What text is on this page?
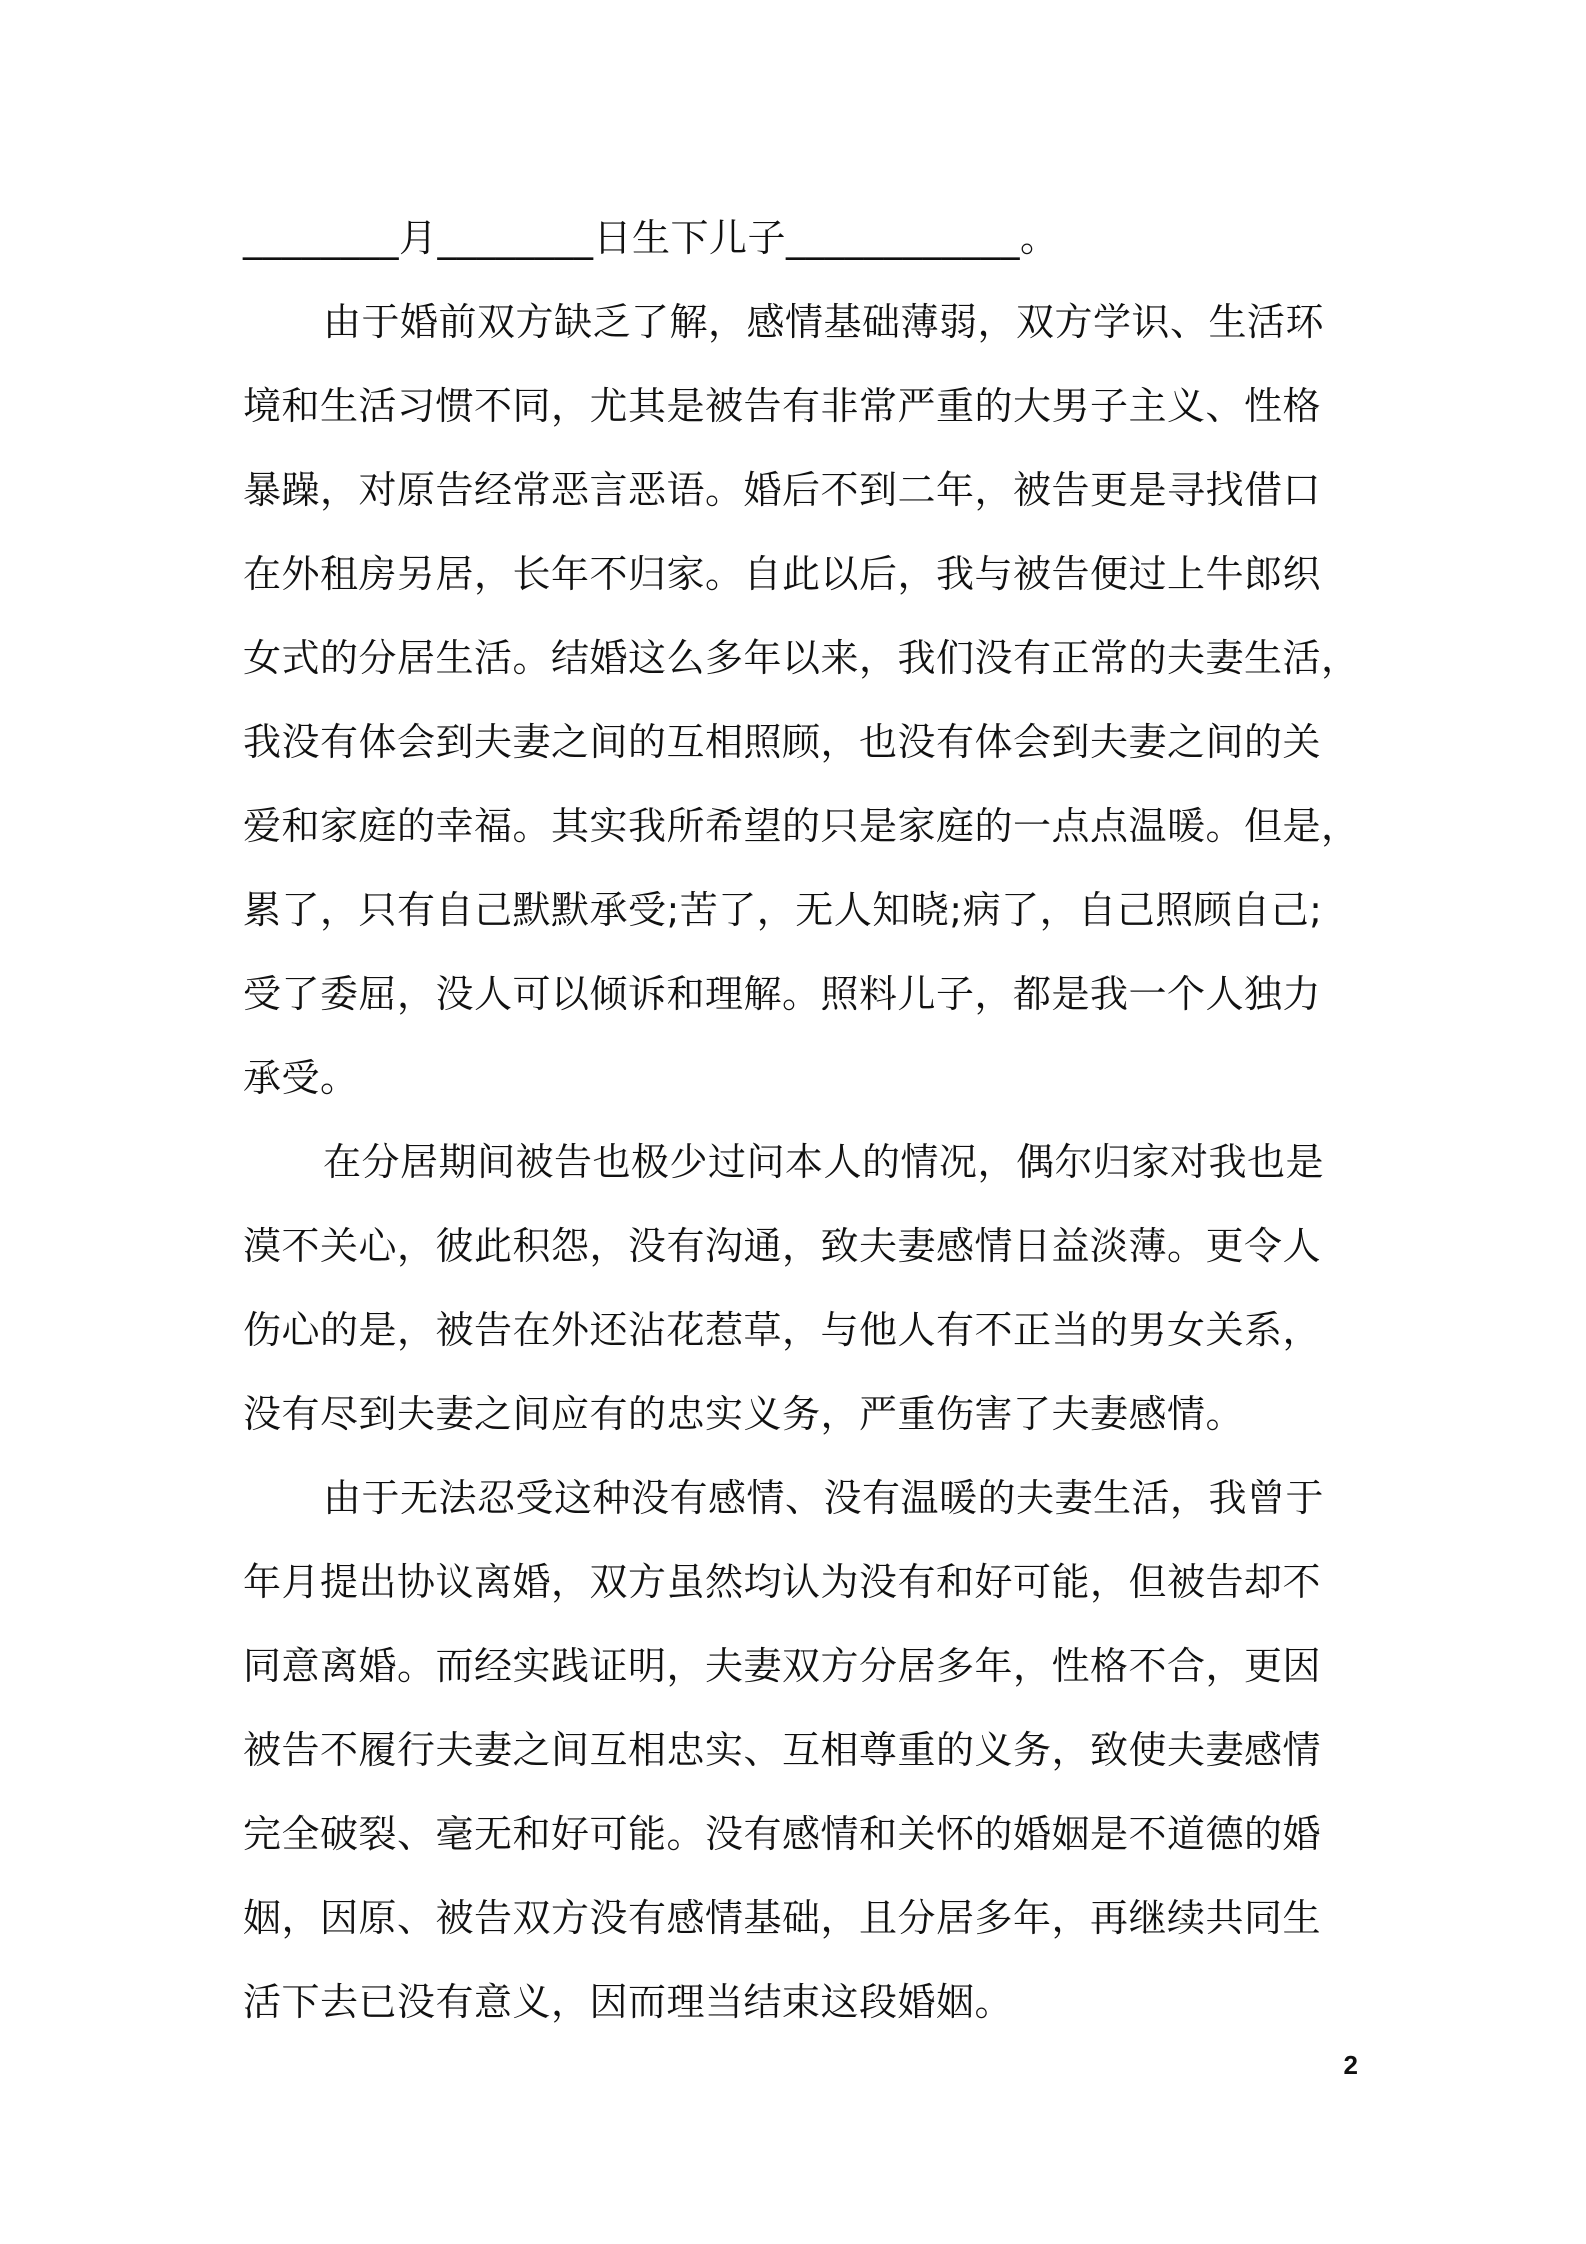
________月________日生下儿子____________。
由于婚前双方缺乏了解，感情基础薄弱，双方学识、生活环
境和生活习惯不同，尤其是被告有非常严重的大男子主义、性格
暴躁，对原告经常恶言恶语。婚后不到二年，被告更是寻找借口
在外租房另居，长年不归家。自此以后，我与被告便过上牛郎织
女式的分居生活。结婚这么多年以来，我们没有正常的夫妻生活，
我没有体会到夫妻之间的互相照顾，也没有体会到夫妻之间的关
爱和家庭的幸福。其实我所希望的只是家庭的一点点温暖。但是，
累了，只有自己默默承受;苦了，无人知晓;病了，自己照顾自己;
受了委屈，没人可以倾诉和理解。照料儿子，都是我一个人独力
承受。
在分居期间被告也极少过问本人的情况，偶尔归家对我也是
漠不关心，彼此积怨，没有沟通，致夫妻感情日益淡薄。更令人
伤心的是，被告在外还沾花惹草，与他人有不正当的男女关系，
没有尽到夫妻之间应有的忠实义务，严重伤害了夫妻感情。
由于无法忍受这种没有感情、没有温暖的夫妻生活，我曾于
年月提出协议离婚，双方虽然均认为没有和好可能，但被告却不
同意离婚。而经实践证明，夫妻双方分居多年，性格不合，更因
被告不履行夫妻之间互相忠实、互相尊重的义务，致使夫妻感情
完全破裂、毫无和好可能。没有感情和关怀的婚姻是不道德的婚
姻，因原、被告双方没有感情基础，且分居多年，再继续共同生
活下去已没有意义，因而理当结束这段婚姻。
2
